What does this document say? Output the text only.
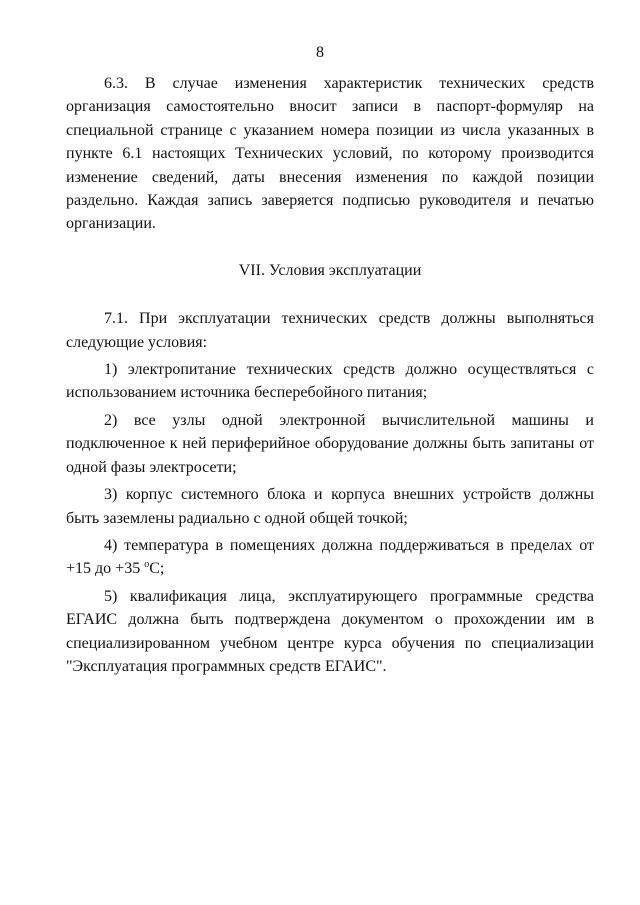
8

6.3. В случае изменения характеристик технических средств организация самостоятельно вносит записи в паспорт-формуляр на специальной странице с указанием номера позиции из числа указанных в пункте 6.1 настоящих Технических условий, по которому производится изменение сведений, даты внесения изменения по каждой позиции раздельно. Каждая запись заверяется подписью руководителя и печатью организации.

VII. Условия эксплуатации

7.1. При эксплуатации технических средств должны выполняться следующие условия:

1) электропитание технических средств должно осуществляться с использованием источника бесперебойного питания;

2) все узлы одной электронной вычислительной машины и подключенное к ней периферийное оборудование должны быть запитаны от одной фазы электросети;

3) корпус системного блока и корпуса внешних устройств должны быть заземлены радиально с одной общей точкой;

4) температура в помещениях должна поддерживаться в пределах от +15 до +35 $^o$C;

5) квалификация лица, эксплуатирующего программные средства ЕГАИС должна быть подтверждена документом о прохождении им в специализированном учебном центре курса обучения по специализации "Эксплуатация программных средств ЕГАИС".
